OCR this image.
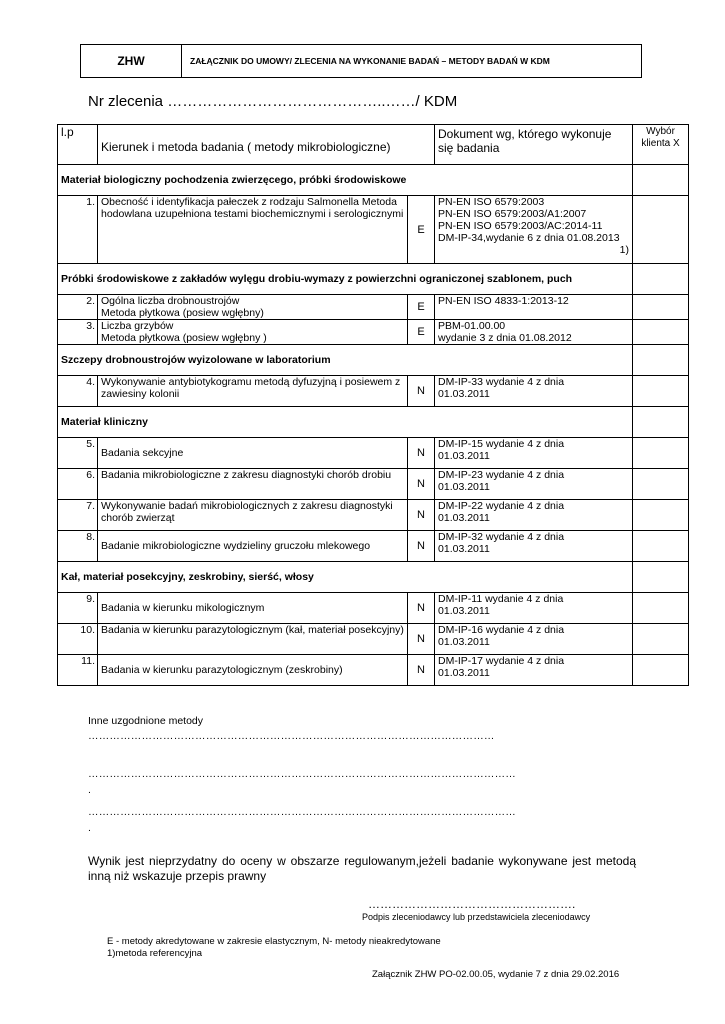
ZHW	ZAŁĄCZNIK DO UMOWY/ ZLECENIA NA WYKONANIE BADAŃ – METODY BADAŃ W KDM
Nr zlecenia ……………………………………..……/ KDM
l.p	Kierunek i metoda badania ( metody mikrobiologiczne)		Dokument wg, którego wykonuje się badania	Wybór klienta X
Materiał biologiczny pochodzenia zwierzęcego, próbki środowiskowe				
1.	Obecność i identyfikacja pałeczek z rodzaju Salmonella Metoda hodowlana uzupełniona testami biochemicznymi i serologicznymi	E	PN-EN ISO 6579:2003
PN-EN ISO 6579:2003/A1:2007
PN-EN ISO 6579:2003/AC:2014-11
DM-IP-34,wydanie 6 z dnia 01.08.2013
1)	

Próbki środowiskowe z zakładów wylęgu drobiu-wymazy z powierzchni ograniczonej szablonem, puch				
2.	Ogólna liczba drobnoustrojów
Metoda płytkowa (posiew wgłębny)	E	PN-EN ISO 4833-1:2013-12	

3.	Liczba grzybów
Metoda płytkowa (posiew wgłębny )	E	PBM-01.00.00
wydanie 3 z dnia 01.08.2012	

Szczepy drobnoustrojów wyizolowane w laboratorium				
4.	Wykonywanie antybiotykogramu metodą dyfuzyjną i posiewem z zawiesiny kolonii	N	DM-IP-33 wydanie 4 z dnia
01.03.2011	

Materiał kliniczny				
5.	Badania sekcyjne	N	DM-IP-15 wydanie 4 z dnia
01.03.2011	

6.	Badania mikrobiologiczne z zakresu diagnostyki chorób drobiu	N	DM-IP-23 wydanie 4 z dnia
01.03.2011	

7.	Wykonywanie badań mikrobiologicznych z zakresu diagnostyki chorób zwierząt	N	DM-IP-22 wydanie 4 z dnia
01.03.2011	

8.	Badanie mikrobiologiczne wydzieliny gruczołu mlekowego	N	DM-IP-32 wydanie 4 z dnia
01.03.2011	

Kał, materiał posekcyjny, zeskrobiny, sierść, włosy				
9.	Badania w kierunku mikologicznym	N	DM-IP-11 wydanie 4 z dnia
01.03.2011	

10.	Badania w kierunku parazytologicznym (kał, materiał posekcyjny)	N	DM-IP-16 wydanie 4 z dnia
01.03.2011	

11.	Badania w kierunku parazytologicznym (zeskrobiny)	N	DM-IP-17 wydanie 4 z dnia
01.03.2011	

Inne uzgodnione metody
……………………………………………………………………………………………………
…………………………………………………………………………………………………………
.
…………………………………………………………………………………………………………
.
Wynik jest nieprzydatny do oceny w obszarze regulowanym,jeżeli badanie wykonywane jest metodą inną niż wskazuje przepis prawny
…………………………………………….
Podpis zleceniodawcy lub przedstawiciela zleceniodawcy
E - metody akredytowane w zakresie elastycznym, N- metody nieakredytowane
1)metoda referencyjna
Załącznik ZHW PO-02.00.05, wydanie 7 z dnia 29.02.2016
